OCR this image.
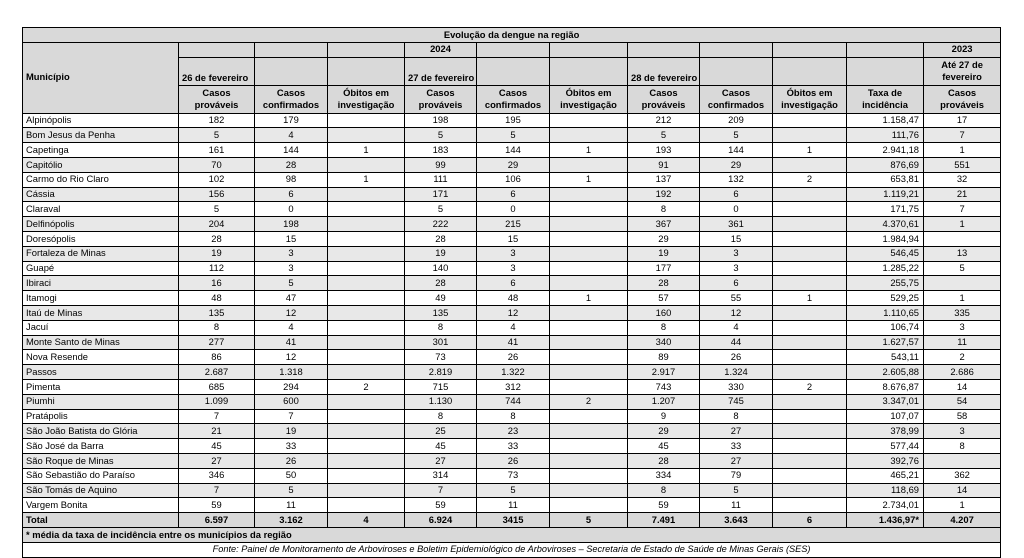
Evolução da dengue na região											
Município				2024							2023
	26 de fevereiro			27 de fevereiro			28 de fevereiro				Até 27 de fevereiro
	Casos prováveis	Casos confirmados	Óbitos em investigação	Casos prováveis	Casos confirmados	Óbitos em investigação	Casos prováveis	Casos confirmados	Óbitos em investigação	Taxa de incidência	Casos prováveis
Alpinópolis	182	179		198	195		212	209		1.158,47	17
Bom Jesus da Penha	5	4		5	5		5	5		111,76	7
Capetinga	161	144	1	183	144	1	193	144	1	2.941,18	1
Capitólio	70	28		99	29		91	29		876,69	551
Carmo do Rio Claro	102	98	1	111	106	1	137	132	2	653,81	32
Cássia	156	6		171	6		192	6		1.119,21	21
Claraval	5	0		5	0		8	0		171,75	7
Delfinópolis	204	198		222	215		367	361		4.370,61	1
Doresópolis	28	15		28	15		29	15		1.984,94	
Fortaleza de Minas	19	3		19	3		19	3		546,45	13
Guapé	112	3		140	3		177	3		1.285,22	5
Ibiraci	16	5		28	6		28	6		255,75	
Itamogi	48	47		49	48	1	57	55	1	529,25	1
Itaú de Minas	135	12		135	12		160	12		1.110,65	335
Jacuí	8	4		8	4		8	4		106,74	3
Monte Santo de Minas	277	41		301	41		340	44		1.627,57	11
Nova Resende	86	12		73	26		89	26		543,11	2
Passos	2.687	1.318		2.819	1.322		2.917	1.324		2.605,88	2.686
Pimenta	685	294	2	715	312		743	330	2	8.676,87	14
Piumhi	1.099	600		1.130	744	2	1.207	745		3.347,01	54
Pratápolis	7	7		8	8		9	8		107,07	58
São João Batista do Glória	21	19		25	23		29	27		378,99	3
São José da Barra	45	33		45	33		45	33		577,44	8
São Roque de Minas	27	26		27	26		28	27		392,76	
São Sebastião do Paraíso	346	50		314	73		334	79		465,21	362
São Tomás de Aquino	7	5		7	5		8	5		118,69	14
Vargem Bonita	59	11		59	11		59	11		2.734,01	1
Total	6.597	3.162	4	6.924	3415	5	7.491	3.643	6	1.436,97*	4.207
* média da taxa de incidência entre os municípios da região											
Fonte: Painel de Monitoramento de Arboviroses e Boletim Epidemiológico de Arboviroses – Secretaria de Estado de Saúde de Minas Gerais (SES)											
